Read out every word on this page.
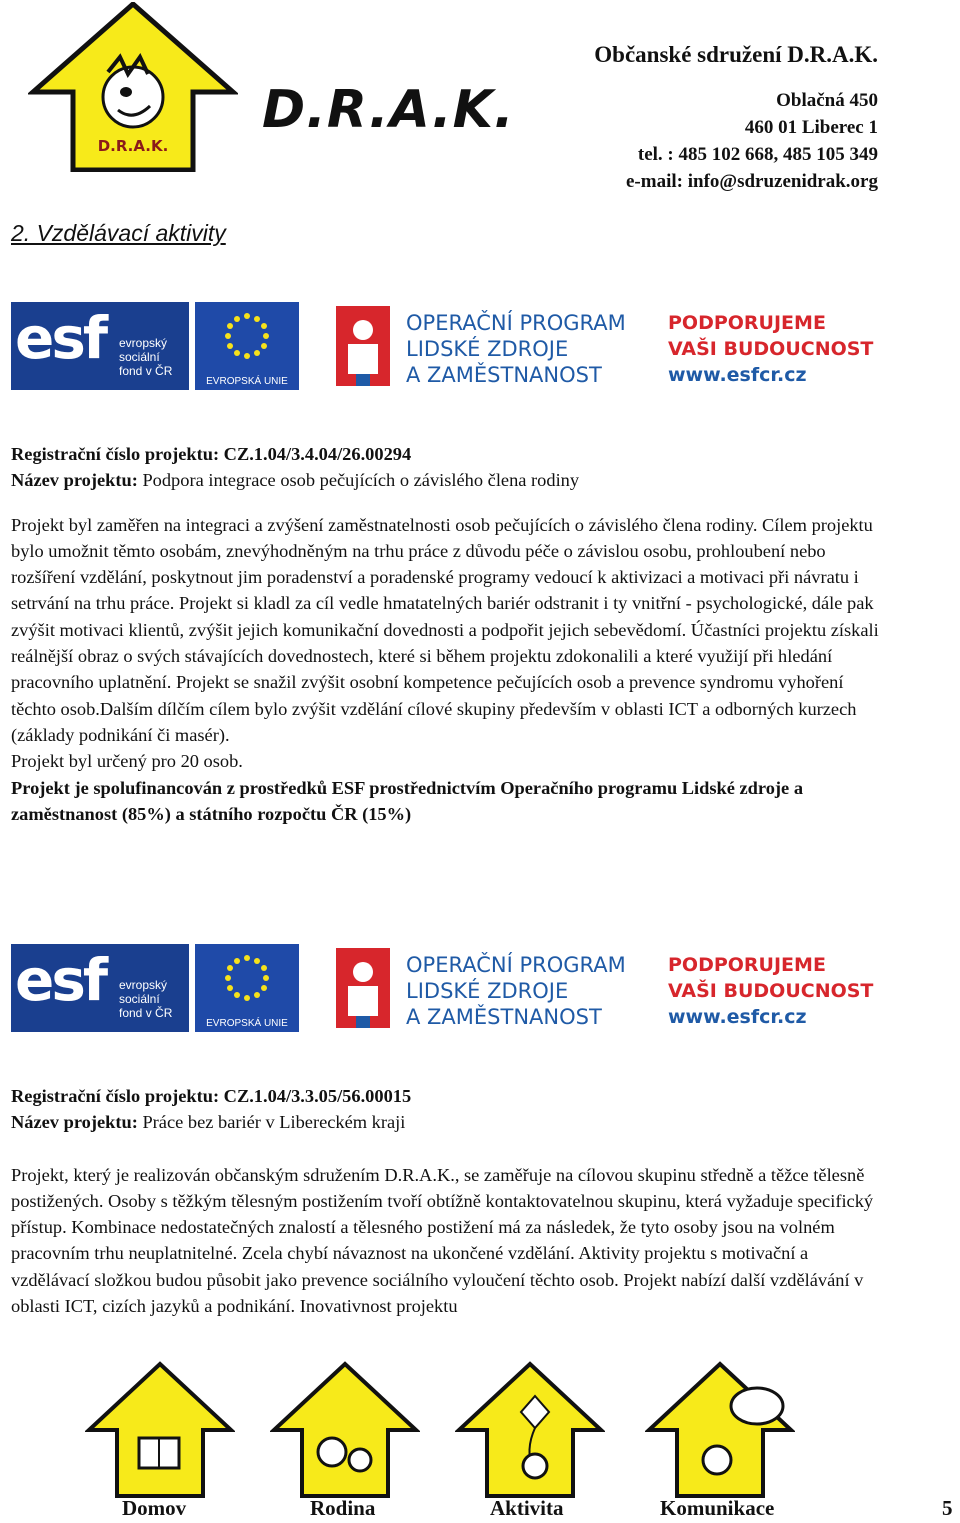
D.R.A.K.
D.R.A.K.
Občanské sdružení D.R.A.K.
Oblačná 450
460 01 Liberec 1
tel. : 485 102 668, 485 105 349
e-mail: info@sdruzenidrak.org
2. Vzdělávací aktivity
esf evropský
sociální
fond v ČR
EVROPSKÁ UNIE
OPERAČNÍ PROGRAM
LIDSKÉ ZDROJE
A ZAMĚSTNANOST
PODPORUJEME
VAŠI BUDOUCNOST
www.esfcr.cz

Registrační číslo projektu: CZ.1.04/3.4.04/26.00294

Název projektu: Podpora integrace osob pečujících o závislého člena rodiny

Projekt byl zaměřen na integraci a zvýšení zaměstnatelnosti osob pečujících o závislého člena rodiny. Cílem projektu bylo umožnit těmto osobám, znevýhodněným na trhu práce z důvodu péče o závislou osobu, prohloubení nebo rozšíření vzdělání, poskytnout jim poradenství a poradenské programy vedoucí k aktivizaci a motivaci při návratu i setrvání na trhu práce. Projekt si kladl za cíl vedle hmatatelných bariér odstranit i ty vnitřní - psychologické, dále pak zvýšit motivaci klientů, zvýšit jejich komunikační dovednosti a podpořit jejich sebevědomí. Účastníci projektu získali reálnější obraz o svých stávajících dovednostech, které si během projektu zdokonalili a které využijí při hledání pracovního uplatnění. Projekt se snažil zvýšit osobní kompetence pečujících osob a prevence syndromu vyhoření těchto osob.Dalším dílčím cílem bylo zvýšit vzdělání cílové skupiny především v oblasti ICT a odborných kurzech (základy podnikání či masér).

Projekt byl určený pro 20 osob.

Projekt je spolufinancován z prostředků ESF prostřednictvím Operačního programu Lidské zdroje a zaměstnanost (85%) a státního rozpočtu ČR (15%)

esf evropský
sociální
fond v ČR
EVROPSKÁ UNIE
OPERAČNÍ PROGRAM
LIDSKÉ ZDROJE
A ZAMĚSTNANOST
PODPORUJEME
VAŠI BUDOUCNOST
www.esfcr.cz

Registrační číslo projektu: CZ.1.04/3.3.05/56.00015

Název projektu: Práce bez bariér v Libereckém kraji

Projekt, který je realizován občanským sdružením D.R.A.K., se zaměřuje na cílovou skupinu středně a těžce tělesně postižených. Osoby s těžkým tělesným postižením tvoří obtížně kontaktovatelnou skupinu, která vyžaduje specifický přístup. Kombinace nedostatečných znalostí a tělesného postižení má za následek, že tyto osoby jsou na volném pracovním trhu neuplatnitelné. Zcela chybí návaznost na ukončené vzdělání. Aktivity projektu s motivační a vzdělávací složkou budou působit jako prevence sociálního vyloučení těchto osob. Projekt nabízí další vzdělávání v oblasti ICT, cizích jazyků a podnikání. Inovativnost projektu

Domov	Rodina	Aktivita	Komunikace	5
